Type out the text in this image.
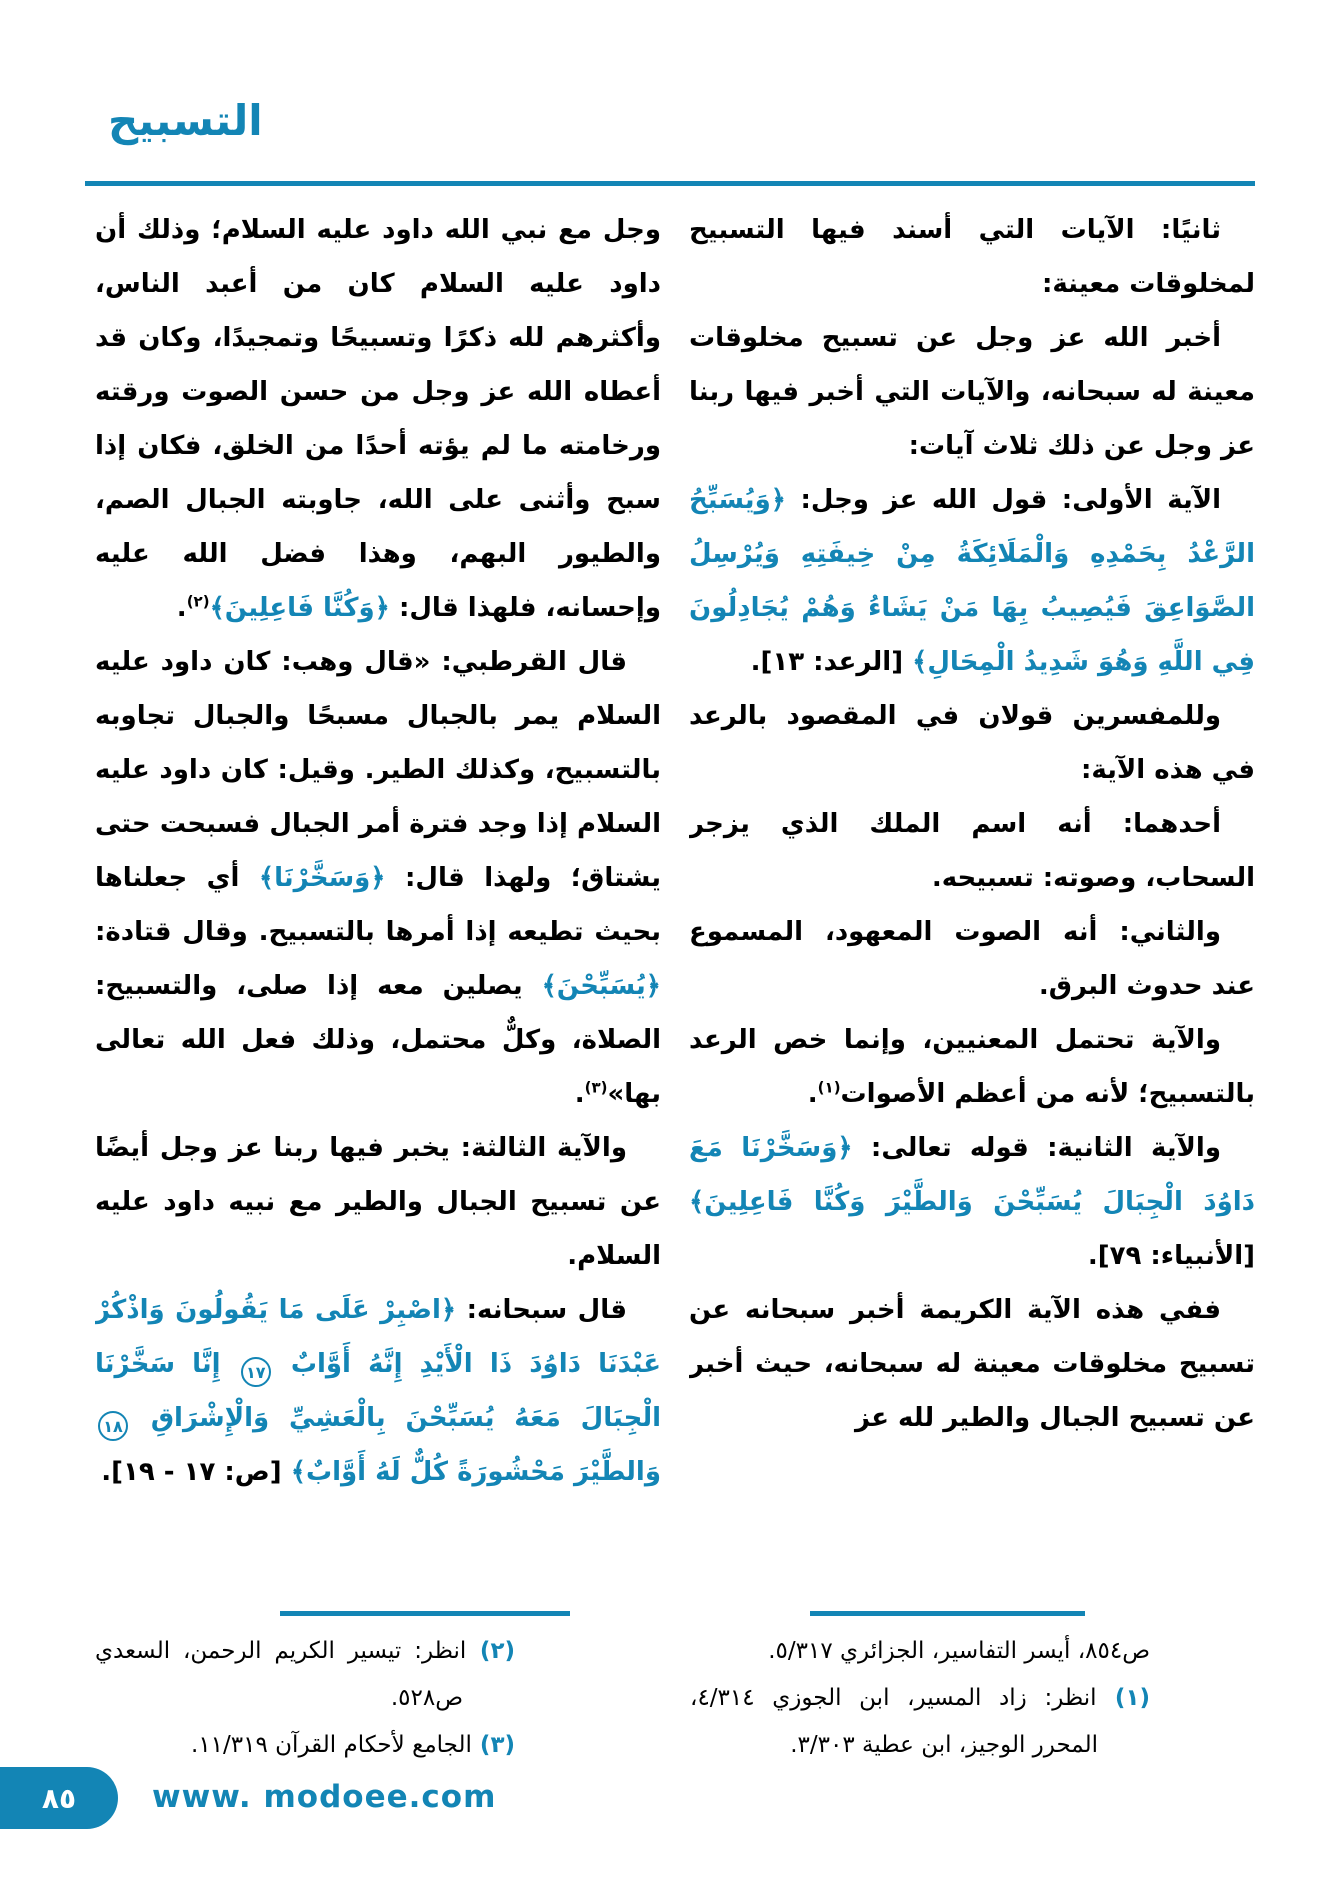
التسبيح

ثانيًا: الآيات التي أسند فيها التسبيح لمخلوقات معينة:

أخبر الله عز وجل عن تسبيح مخلوقات معينة له سبحانه، والآيات التي أخبر فيها ربنا عز وجل عن ذلك ثلاث آيات:

الآية الأولى: قول الله عز وجل: ﴿وَيُسَبِّحُ الرَّعْدُ بِحَمْدِهِ وَالْمَلَائِكَةُ مِنْ خِيفَتِهِ وَيُرْسِلُ الصَّوَاعِقَ فَيُصِيبُ بِهَا مَنْ يَشَاءُ وَهُمْ يُجَادِلُونَ فِي اللَّهِ وَهُوَ شَدِيدُ الْمِحَالِ﴾ [الرعد: ١٣].

وللمفسرين قولان في المقصود بالرعد في هذه الآية:

أحدهما: أنه اسم الملك الذي يزجر السحاب، وصوته: تسبيحه.

والثاني: أنه الصوت المعهود، المسموع عند حدوث البرق.

والآية تحتمل المعنيين، وإنما خص الرعد بالتسبيح؛ لأنه من أعظم الأصوات$^{(١)}$.

والآية الثانية: قوله تعالى: ﴿وَسَخَّرْنَا مَعَ دَاوُدَ الْجِبَالَ يُسَبِّحْنَ وَالطَّيْرَ وَكُنَّا فَاعِلِينَ﴾ [الأنبياء: ٧٩].

ففي هذه الآية الكريمة أخبر سبحانه عن تسبيح مخلوقات معينة له سبحانه، حيث أخبر عن تسبيح الجبال والطير لله عز

وجل مع نبي الله داود عليه السلام؛ وذلك أن داود عليه السلام كان من أعبد الناس، وأكثرهم لله ذكرًا وتسبيحًا وتمجيدًا، وكان قد أعطاه الله عز وجل من حسن الصوت ورقته ورخامته ما لم يؤته أحدًا من الخلق، فكان إذا سبح وأثنى على الله، جاوبته الجبال الصم، والطيور البهم، وهذا فضل الله عليه وإحسانه، فلهذا قال: ﴿وَكُنَّا فَاعِلِينَ﴾$^{(٢)}$.

قال القرطبي: «قال وهب: كان داود عليه السلام يمر بالجبال مسبحًا والجبال تجاوبه بالتسبيح، وكذلك الطير. وقيل: كان داود عليه السلام إذا وجد فترة أمر الجبال فسبحت حتى يشتاق؛ ولهذا قال: ﴿وَسَخَّرْنَا﴾ أي جعلناها بحيث تطيعه إذا أمرها بالتسبيح. وقال قتادة: ﴿يُسَبِّحْنَ﴾ يصلين معه إذا صلى، والتسبيح: الصلاة، وكلٌّ محتمل، وذلك فعل الله تعالى بها»$^{(٣)}$.

والآية الثالثة: يخبر فيها ربنا عز وجل أيضًا عن تسبيح الجبال والطير مع نبيه داود عليه السلام.

قال سبحانه: ﴿اصْبِرْ عَلَى مَا يَقُولُونَ وَاذْكُرْ عَبْدَنَا دَاوُدَ ذَا الْأَيْدِ إِنَّهُ أَوَّابٌ ١٧ إِنَّا سَخَّرْنَا الْجِبَالَ مَعَهُ يُسَبِّحْنَ بِالْعَشِيِّ وَالْإِشْرَاقِ ١٨ وَالطَّيْرَ مَحْشُورَةً كُلٌّ لَهُ أَوَّابٌ﴾ [ص: ١٧ - ١٩].

ص٨٥٤، أيسر التفاسير، الجزائري ٥/٣١٧.
(١) انظر: زاد المسير، ابن الجوزي ٤/٣١٤، المحرر الوجيز، ابن عطية ٣/٣٠٣.
(٢) انظر: تيسير الكريم الرحمن، السعدي ص٥٢٨.
(٣) الجامع لأحكام القرآن ١١/٣١٩.
٨٥ www. modoee.com
